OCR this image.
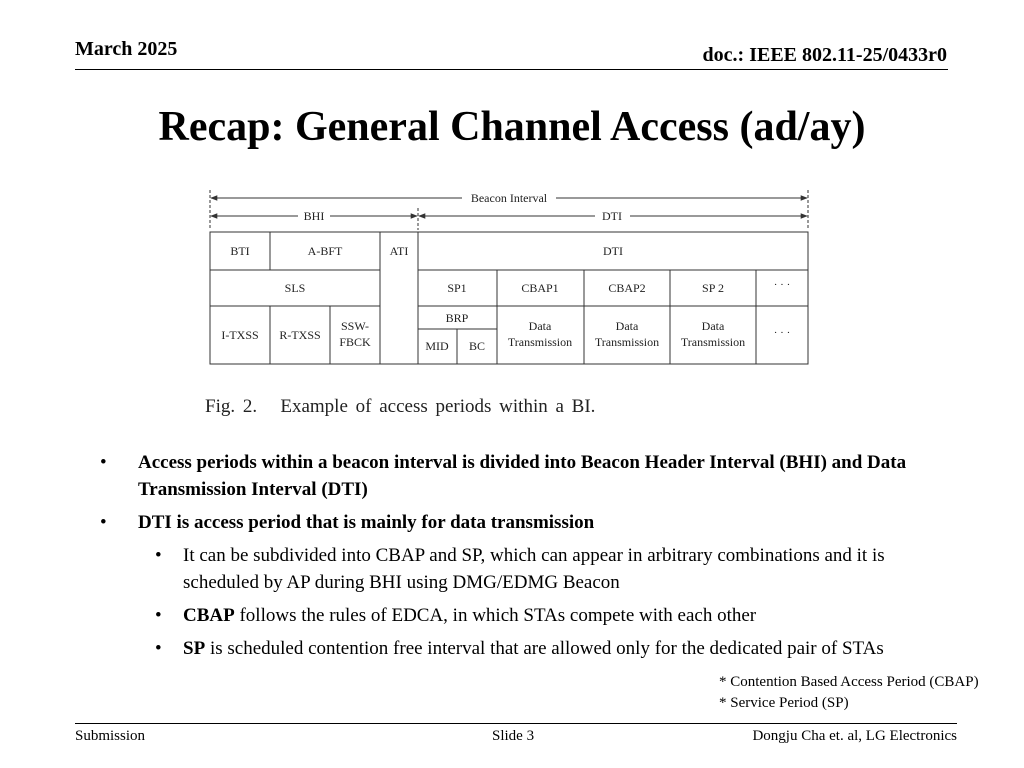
March 2025	doc.: IEEE 802.11-25/0433r0
Recap: General Channel Access (ad/ay)
Beacon Interval
BHI	DTI
BTI	A-BFT	ATI	DTI
SLS	SP1	CBAP1	CBAP2	SP 2	· · ·
I-TXSS R-TXSS
SSW-
FBCK
BRP
MID BC
Data
Transmission
Data
Transmission
Data
Transmission
· · ·
Fig. 2. Example of access periods within a BI.
• Access periods within a beacon interval is divided into Beacon Header Interval (BHI) and Data Transmission Interval (DTI)
• DTI is access period that is mainly for data transmission
• It can be subdivided into CBAP and SP, which can appear in arbitrary combinations and it is scheduled by AP during BHI using DMG/EDMG Beacon
• CBAP follows the rules of EDCA, in which STAs compete with each other
• SP is scheduled contention free interval that are allowed only for the dedicated pair of STAs
* Contention Based Access Period (CBAP)
* Service Period (SP)
Submission	Slide 3	Dongju Cha et. al, LG Electronics
